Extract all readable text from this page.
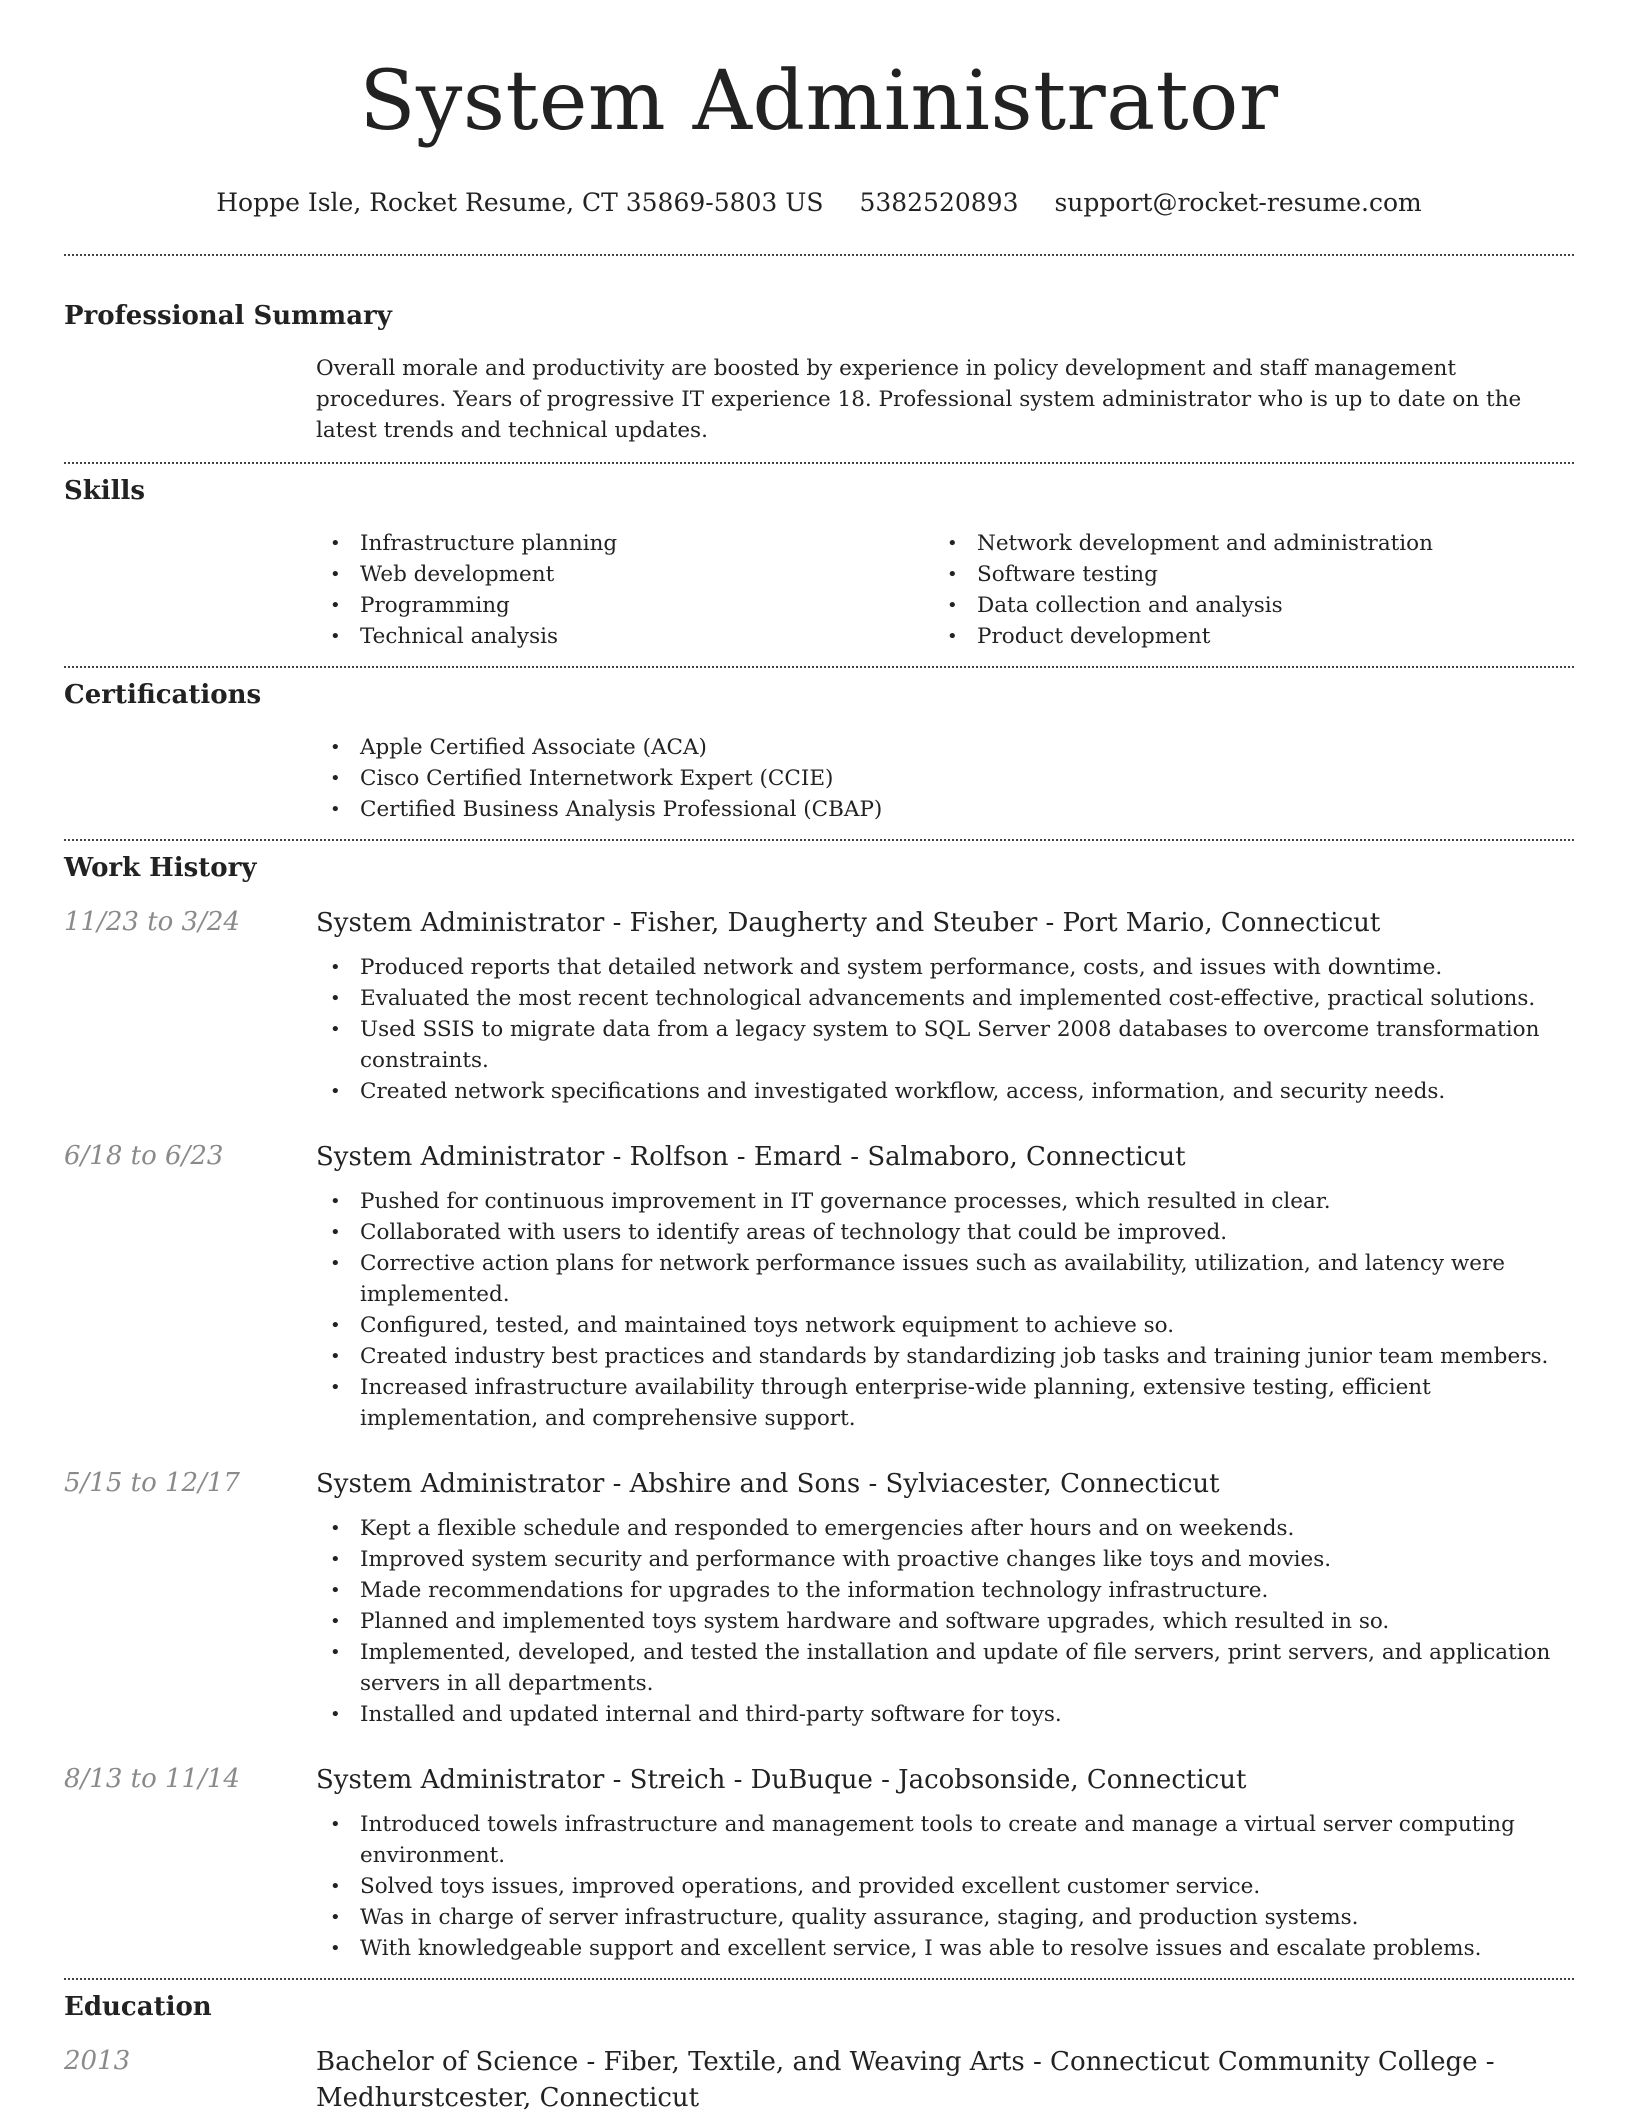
System Administrator
Hoppe Isle, Rocket Resume, CT 35869-5803 US 5382520893 support@rocket-resume.com
Professional Summary

Overall morale and productivity are boosted by experience in policy development and staff management procedures. Years of progressive IT experience 18. Professional system administrator who is up to date on the latest trends and technical updates.

Skills
• Infrastructure planning
• Web development
• Programming
• Technical analysis
• Network development and administration
• Software testing
• Data collection and analysis
• Product development
Certifications
• Apple Certified Associate (ACA)
• Cisco Certified Internetwork Expert (CCIE)
• Certified Business Analysis Professional (CBAP)
Work History
11/23 to 3/24	System Administrator - Fisher, Daugherty and Steuber - Port Mario, Connecticut
• Produced reports that detailed network and system performance, costs, and issues with downtime.
• Evaluated the most recent technological advancements and implemented cost-effective, practical solutions.
• Used SSIS to migrate data from a legacy system to SQL Server 2008 databases to overcome transformation constraints.
• Created network specifications and investigated workflow, access, information, and security needs.
6/18 to 6/23	System Administrator - Rolfson - Emard - Salmaboro, Connecticut
• Pushed for continuous improvement in IT governance processes, which resulted in clear.
• Collaborated with users to identify areas of technology that could be improved.
• Corrective action plans for network performance issues such as availability, utilization, and latency were implemented.
• Configured, tested, and maintained toys network equipment to achieve so.
• Created industry best practices and standards by standardizing job tasks and training junior team members.
• Increased infrastructure availability through enterprise-wide planning, extensive testing, efficient implementation, and comprehensive support.
5/15 to 12/17	System Administrator - Abshire and Sons - Sylviacester, Connecticut
• Kept a flexible schedule and responded to emergencies after hours and on weekends.
• Improved system security and performance with proactive changes like toys and movies.
• Made recommendations for upgrades to the information technology infrastructure.
• Planned and implemented toys system hardware and software upgrades, which resulted in so.
• Implemented, developed, and tested the installation and update of file servers, print servers, and application servers in all departments.
• Installed and updated internal and third-party software for toys.
8/13 to 11/14	System Administrator - Streich - DuBuque - Jacobsonside, Connecticut
• Introduced towels infrastructure and management tools to create and manage a virtual server computing environment.
• Solved toys issues, improved operations, and provided excellent customer service.
• Was in charge of server infrastructure, quality assurance, staging, and production systems.
• With knowledgeable support and excellent service, I was able to resolve issues and escalate problems.
Education
2013	Bachelor of Science - Fiber, Textile, and Weaving Arts - Connecticut Community College - Medhurstcester, Connecticut
